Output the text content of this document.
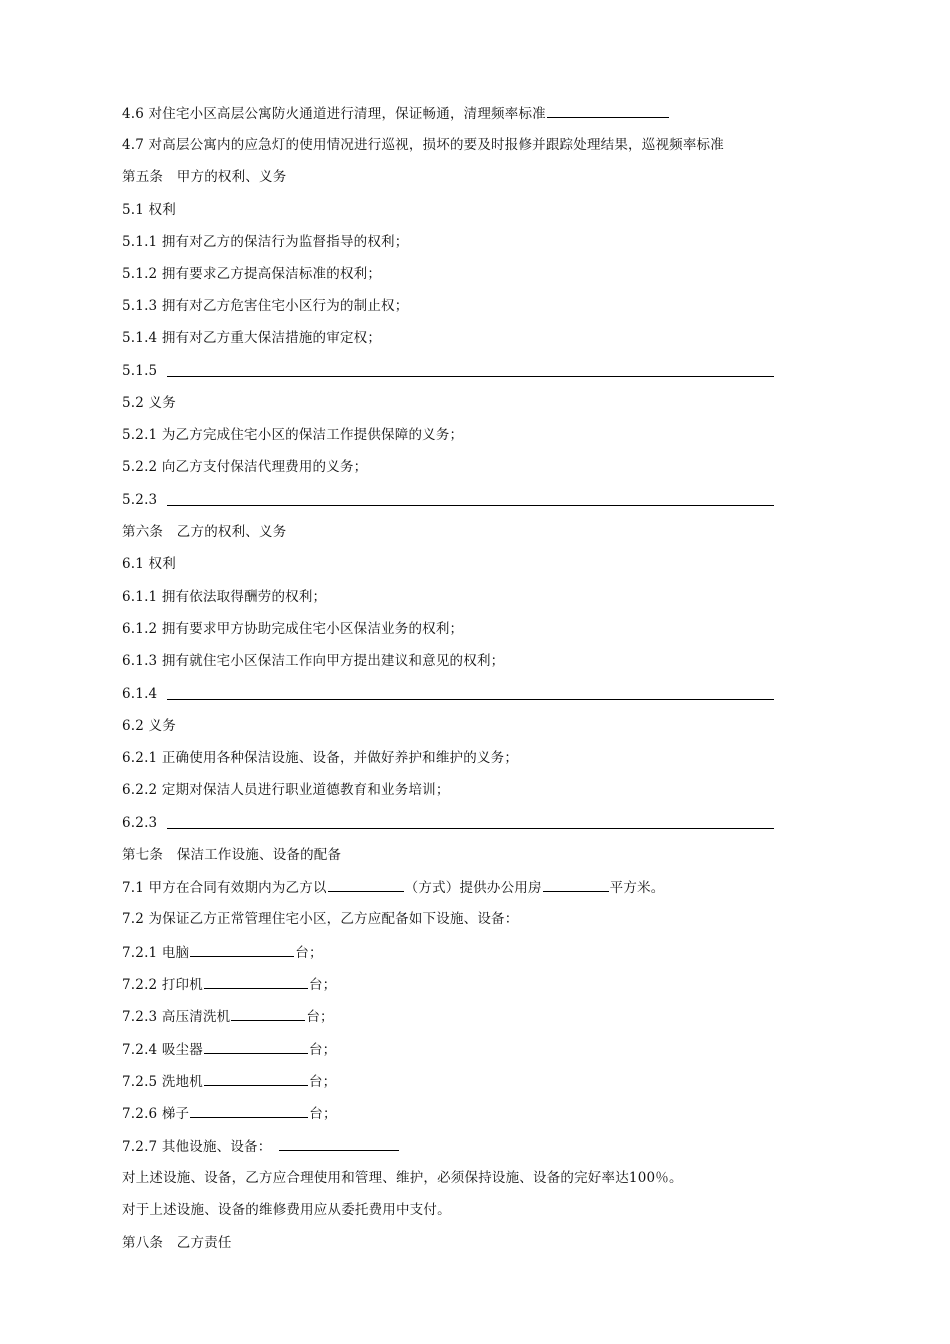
4.6 对住宅小区高层公寓防火通道进行清理，保证畅通，清理频率标准
4.7 对高层公寓内的应急灯的使用情况进行巡视，损坏的要及时报修并跟踪处理结果，巡视频率标准
第五条　甲方的权利、义务
5.1 权利
5.1.1 拥有对乙方的保洁行为监督指导的权利；
5.1.2 拥有要求乙方提高保洁标准的权利；
5.1.3 拥有对乙方危害住宅小区行为的制止权；
5.1.4 拥有对乙方重大保洁措施的审定权；
5.1.5
5.2 义务
5.2.1 为乙方完成住宅小区的保洁工作提供保障的义务；
5.2.2 向乙方支付保洁代理费用的义务；
5.2.3
第六条　乙方的权利、义务
6.1 权利
6.1.1 拥有依法取得酬劳的权利；
6.1.2 拥有要求甲方协助完成住宅小区保洁业务的权利；
6.1.3 拥有就住宅小区保洁工作向甲方提出建议和意见的权利；
6.1.4
6.2 义务
6.2.1 正确使用各种保洁设施、设备，并做好养护和维护的义务；
6.2.2 定期对保洁人员进行职业道德教育和业务培训；
6.2.3
第七条　保洁工作设施、设备的配备
7.1 甲方在合同有效期内为乙方以	（方式）提供办公用房	平方米。
7.2 为保证乙方正常管理住宅小区，乙方应配备如下设施、设备：
7.2.1 电脑	台；
7.2.2 打印机	台；
7.2.3 高压清洗机	台；
7.2.4 吸尘器	台；
7.2.5 洗地机	台；
7.2.6 梯子	台；
7.2.7 其他设施、设备：
对上述设施、设备，乙方应合理使用和管理、维护，必须保持设施、设备的完好率达100％。
对于上述设施、设备的维修费用应从委托费用中支付。
第八条　乙方责任
